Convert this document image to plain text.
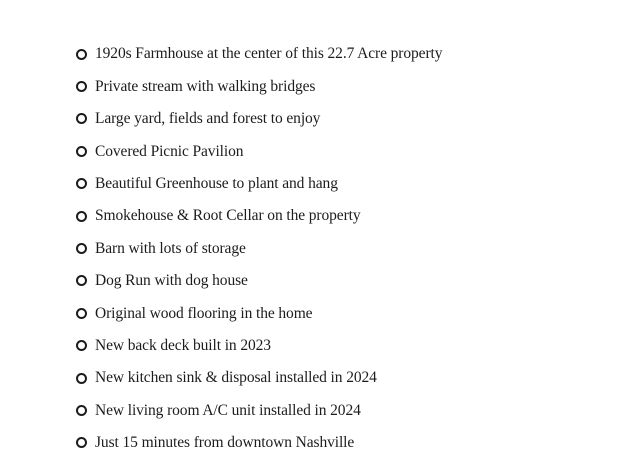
1920s Farmhouse at the center of this 22.7 Acre property
Private stream with walking bridges
Large yard, fields and forest to enjoy
Covered Picnic Pavilion
Beautiful Greenhouse to plant and hang
Smokehouse & Root Cellar on the property
Barn with lots of storage
Dog Run with dog house
Original wood flooring in the home
New back deck built in 2023
New kitchen sink & disposal installed in 2024
New living room A/C unit installed in 2024
Just 15 minutes from downtown Nashville
